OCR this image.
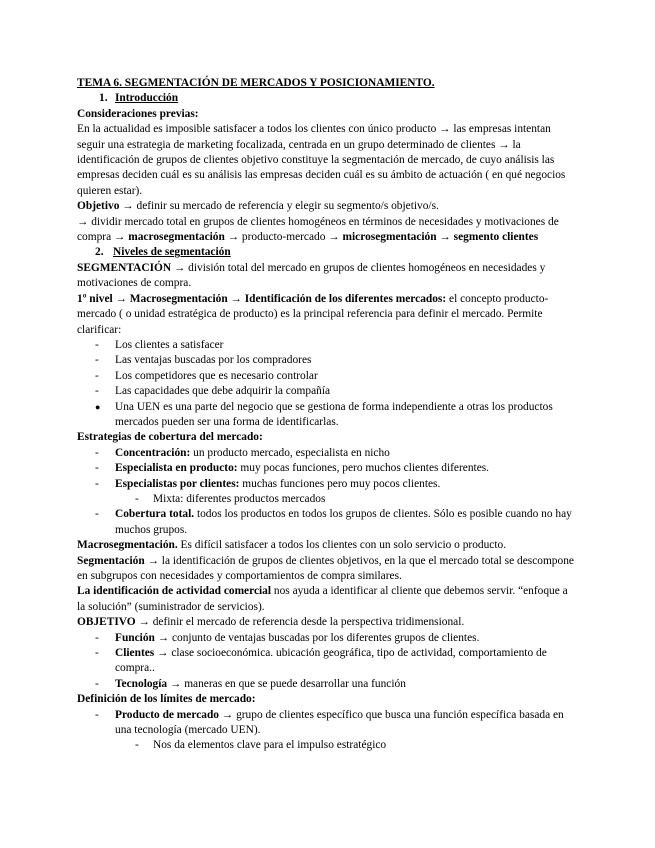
TEMA 6. SEGMENTACIÓN DE MERCADOS Y POSICIONAMIENTO.
1. Introducción
Consideraciones previas:
En la actualidad es imposible satisfacer a todos los clientes con único producto → las empresas intentan seguir una estrategia de marketing focalizada, centrada en un grupo determinado de clientes → la identificación de grupos de clientes objetivo constituye la segmentación de mercado, de cuyo análisis las empresas deciden cuál es su análisis las empresas deciden cuál es su ámbito de actuación ( en qué negocios quieren estar).
Objetivo → definir su mercado de referencia y elegir su segmento/s objetivo/s.
→ dividir mercado total en grupos de clientes homogéneos en términos de necesidades y motivaciones de compra → macrosegmentación → producto-mercado → microsegmentación → segmento clientes
2. Niveles de segmentación
SEGMENTACIÓN → división total del mercado en grupos de clientes homogéneos en necesidades y motivaciones de compra.
1º nivel → Macrosegmentación → Identificación de los diferentes mercados: el concepto producto-mercado ( o unidad estratégica de producto) es la principal referencia para definir el mercado. Permite clarificar:
- Los clientes a satisfacer
- Las ventajas buscadas por los compradores
- Los competidores que es necesario controlar
- Las capacidades que debe adquirir la compañía
● Una UEN es una parte del negocio que se gestiona de forma independiente a otras los productos mercados pueden ser una forma de identificarlas.
Estrategias de cobertura del mercado:
- Concentración: un producto mercado, especialista en nicho
- Especialista en producto: muy pocas funciones, pero muchos clientes diferentes.
- Especialistas por clientes: muchas funciones pero muy pocos clientes.
- Mixta: diferentes productos mercados
- Cobertura total. todos los productos en todos los grupos de clientes. Sólo es posible cuando no hay muchos grupos.
Macrosegmentación. Es difícil satisfacer a todos los clientes con un solo servicio o producto.
Segmentación → la identificación de grupos de clientes objetivos, en la que el mercado total se descompone en subgrupos con necesidades y comportamientos de compra similares.
La identificación de actividad comercial nos ayuda a identificar al cliente que debemos servir. “enfoque a la solución” (suministrador de servicios).
OBJETIVO → definir el mercado de referencia desde la perspectiva tridimensional.
- Función → conjunto de ventajas buscadas por los diferentes grupos de clientes.
- Clientes → clase socioeconómica. ubicación geográfica, tipo de actividad, comportamiento de compra..
- Tecnología → maneras en que se puede desarrollar una función
Definición de los límites de mercado:
- Producto de mercado → grupo de clientes específico que busca una función específica basada en una tecnología (mercado UEN).
- Nos da elementos clave para el impulso estratégico
